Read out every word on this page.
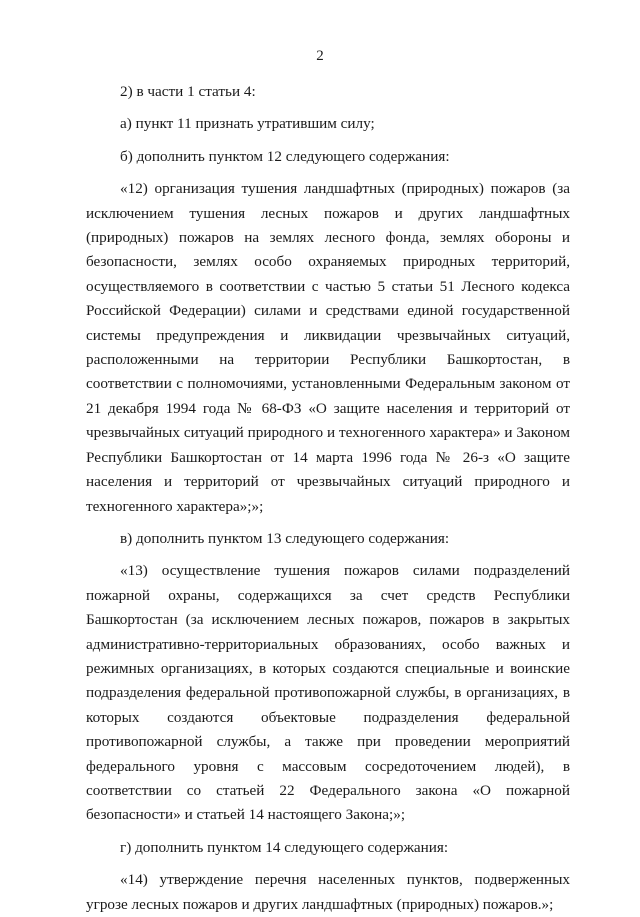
2

2) в части 1 статьи 4:

а) пункт 11 признать утратившим силу;

б) дополнить пунктом 12 следующего содержания:

«12) организация тушения ландшафтных (природных) пожаров (за исключением тушения лесных пожаров и других ландшафтных (природных) пожаров на землях лесного фонда, землях обороны и безопасности, землях особо охраняемых природных территорий, осуществляемого в соответствии с частью 5 статьи 51 Лесного кодекса Российской Федерации) силами и средствами единой государственной системы предупреждения и ликвидации чрезвычайных ситуаций, расположенными на территории Республики Башкортостан, в соответствии с полномочиями, установленными Федеральным законом от 21 декабря 1994 года № 68-ФЗ «О защите населения и территорий от чрезвычайных ситуаций природного и техногенного характера» и Законом Республики Башкортостан от 14 марта 1996 года № 26-з «О защите населения и территорий от чрезвычайных ситуаций природного и техногенного характера»;»;

в) дополнить пунктом 13 следующего содержания:

«13) осуществление тушения пожаров силами подразделений пожарной охраны, содержащихся за счет средств Республики Башкортостан (за исключением лесных пожаров, пожаров в закрытых административно-территориальных образованиях, особо важных и режимных организациях, в которых создаются специальные и воинские подразделения федеральной противопожарной службы, в организациях, в которых создаются объектовые подразделения федеральной противопожарной службы, а также при проведении мероприятий федерального уровня с массовым сосредоточением людей), в соответствии со статьей 22 Федерального закона «О пожарной безопасности» и статьей 14 настоящего Закона;»;

г) дополнить пунктом 14 следующего содержания:

«14) утверждение перечня населенных пунктов, подверженных угрозе лесных пожаров и других ландшафтных (природных) пожаров.»;
